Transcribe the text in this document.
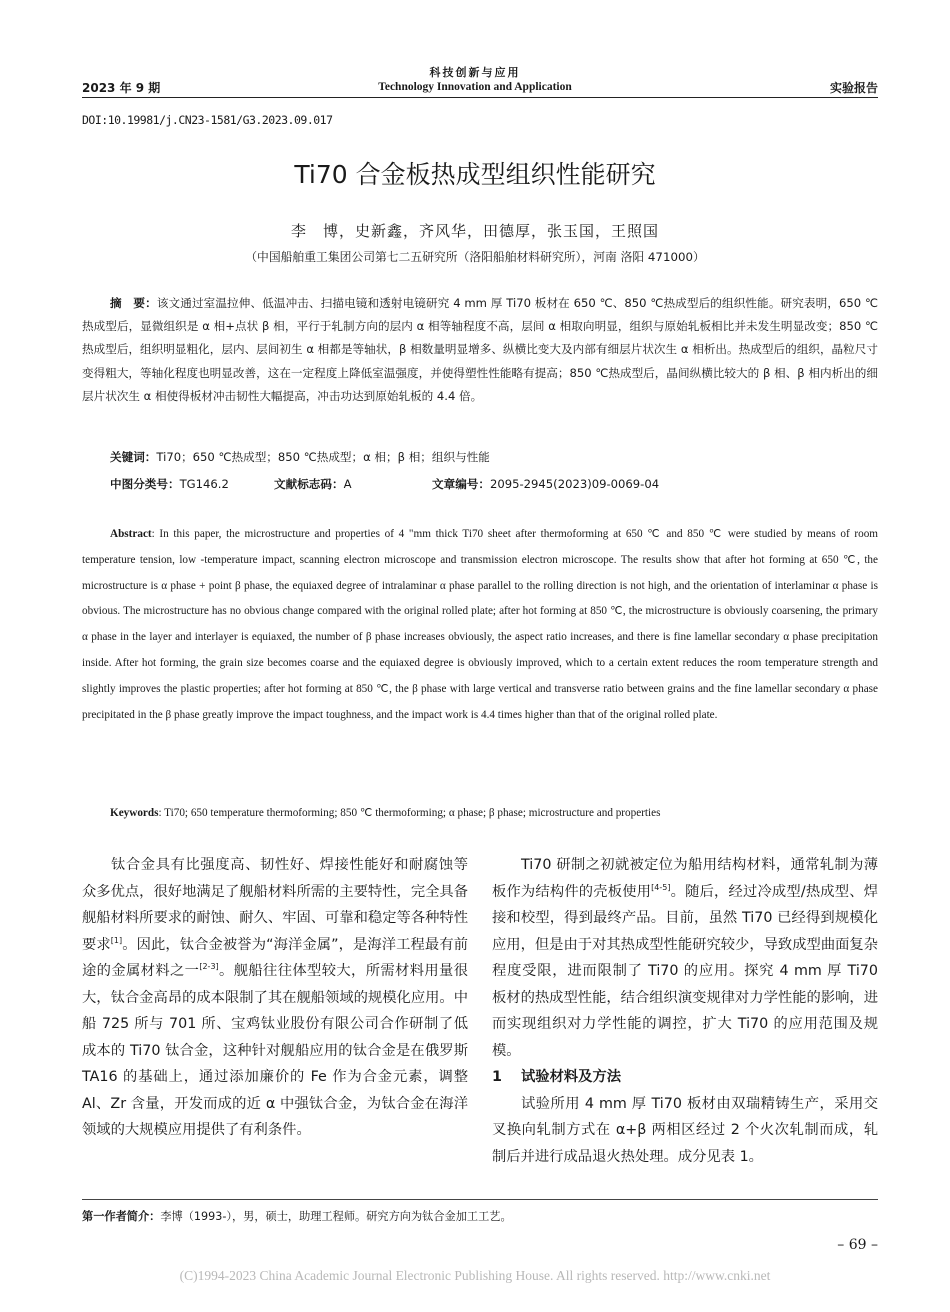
2023 年 9 期
科技创新与应用
Technology Innovation and Application	实验报告
DOI:10.19981/j.CN23-1581/G3.2023.09.017
Ti70 合金板热成型组织性能研究
李　博，史新鑫，齐风华，田德厚，张玉国，王照国
（中国船舶重工集团公司第七二五研究所（洛阳船舶材料研究所），河南 洛阳 471000）
摘　要：该文通过室温拉伸、低温冲击、扫描电镜和透射电镜研究 4 mm 厚 Ti70 板材在 650 ℃、850 ℃热成型后的组织性能。研究表明，650 ℃热成型后，显微组织是 α 相+点状 β 相，平行于轧制方向的层内 α 相等轴程度不高，层间 α 相取向明显，组织与原始轧板相比并未发生明显改变；850 ℃热成型后，组织明显粗化，层内、层间初生 α 相都是等轴状，β 相数量明显增多、纵横比变大及内部有细层片状次生 α 相析出。热成型后的组织，晶粒尺寸变得粗大，等轴化程度也明显改善，这在一定程度上降低室温强度，并使得塑性性能略有提高；850 ℃热成型后，晶间纵横比较大的 β 相、β 相内析出的细层片状次生 α 相使得板材冲击韧性大幅提高，冲击功达到原始轧板的 4.4 倍。
关键词：Ti70；650 ℃热成型；850 ℃热成型；α 相；β 相；组织与性能
中图分类号：TG146.2	文献标志码：A	文章编号：2095-2945(2023)09-0069-04
Abstract: In this paper, the microstructure and properties of 4 "mm thick Ti70 sheet after thermoforming at 650 ℃ and 850 ℃ were studied by means of room temperature tension, low -temperature impact, scanning electron microscope and transmission electron microscope. The results show that after hot forming at 650 ℃, the microstructure is α phase + point β phase, the equiaxed degree of intralaminar α phase parallel to the rolling direction is not high, and the orientation of interlaminar α phase is obvious. The microstructure has no obvious change compared with the original rolled plate; after hot forming at 850 ℃, the microstructure is obviously coarsening, the primary α phase in the layer and interlayer is equiaxed, the number of β phase increases obviously, the aspect ratio increases, and there is fine lamellar secondary α phase precipitation inside. After hot forming, the grain size becomes coarse and the equiaxed degree is obviously improved, which to a certain extent reduces the room temperature strength and slightly improves the plastic properties; after hot forming at 850 ℃, the β phase with large vertical and transverse ratio between grains and the fine lamellar secondary α phase precipitated in the β phase greatly improve the impact toughness, and the impact work is 4.4 times higher than that of the original rolled plate.
Keywords: Ti70; 650 temperature thermoforming; 850 ℃ thermoforming; α phase; β phase; microstructure and properties

钛合金具有比强度高、韧性好、焊接性能好和耐腐蚀等众多优点，很好地满足了舰船材料所需的主要特性，完全具备舰船材料所要求的耐蚀、耐久、牢固、可靠和稳定等各种特性要求[1]。因此，钛合金被誉为“海洋金属”，是海洋工程最有前途的金属材料之一[2-3]。舰船往往体型较大，所需材料用量很大，钛合金高昂的成本限制了其在舰船领域的规模化应用。中船 725 所与 701 所、宝鸡钛业股份有限公司合作研制了低成本的 Ti70 钛合金，这种针对舰船应用的钛合金是在俄罗斯 TA16 的基础上，通过添加廉价的 Fe 作为合金元素，调整 Al、Zr 含量，开发而成的近 α 中强钛合金，为钛合金在海洋领域的大规模应用提供了有利条件。

Ti70 研制之初就被定位为船用结构材料，通常轧制为薄板作为结构件的壳板使用[4-5]。随后，经过冷成型/热成型、焊接和校型，得到最终产品。目前，虽然 Ti70 已经得到规模化应用，但是由于对其热成型性能研究较少，导致成型曲面复杂程度受限，进而限制了 Ti70 的应用。探究 4 mm 厚 Ti70 板材的热成型性能，结合组织演变规律对力学性能的影响，进而实现组织对力学性能的调控，扩大 Ti70 的应用范围及规模。

1 试验材料及方法

试验所用 4 mm 厚 Ti70 板材由双瑞精铸生产，采用交叉换向轧制方式在 α+β 两相区经过 2 个火次轧制而成，轧制后并进行成品退火热处理。成分见表 1。

第一作者简介：李博（1993-），男，硕士，助理工程师。研究方向为钛合金加工工艺。
– 69 –
(C)1994-2023 China Academic Journal Electronic Publishing House. All rights reserved. http://www.cnki.net
